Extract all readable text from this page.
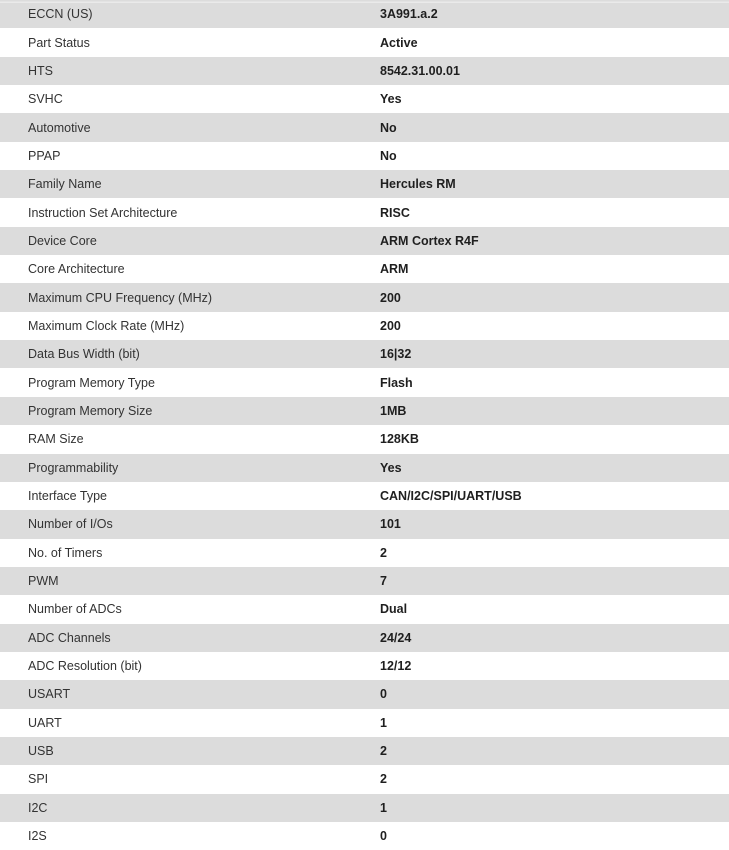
ECCN (US)	3A991.a.2
Part Status	Active
HTS	8542.31.00.01
SVHC	Yes
Automotive	No
PPAP	No
Family Name	Hercules RM
Instruction Set Architecture	RISC
Device Core	ARM Cortex R4F
Core Architecture	ARM
Maximum CPU Frequency (MHz)	200
Maximum Clock Rate (MHz)	200
Data Bus Width (bit)	16|32
Program Memory Type	Flash
Program Memory Size	1MB
RAM Size	128KB
Programmability	Yes
Interface Type	CAN/I2C/SPI/UART/USB
Number of I/Os	101
No. of Timers	2
PWM	7
Number of ADCs	Dual
ADC Channels	24/24
ADC Resolution (bit)	12/12
USART	0
UART	1
USB	2
SPI	2
I2C	1
I2S	0
